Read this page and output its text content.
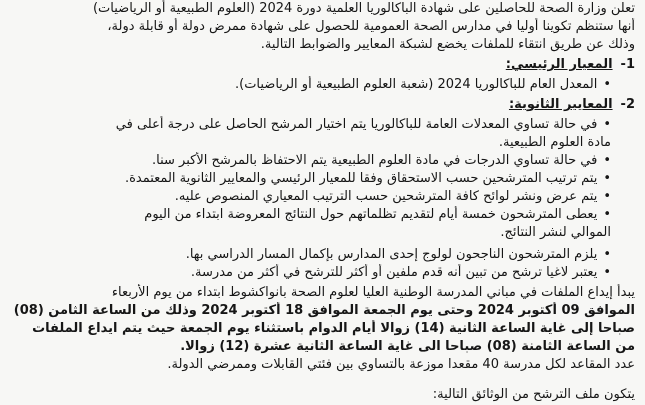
تعلن وزارة الصحة للحاصلين على شهادة الباكالوريا العلمية دورة 2024 (العلوم الطبيعية أو الرياضيات)

أنها ستنظم تكوينا أوليا في مدارس الصحة العمومية للحصول على شهادة ممرض دولة أو قابلة دولة،

وذلك عن طريق انتقاء للملفات يخضع لشبكة المعايير والضوابط التالية.

1-
المعيار الرئيسي:

•المعدل العام للباكالوريا 2024 (شعبة العلوم الطبيعية أو الرياضيات).

2-
المعايير الثانوية:

•في حالة تساوي المعدلات العامة للباكالوريا يتم اختيار المرشح الحاصل على درجة أعلى في

مادة العلوم الطبيعية.

•في حالة تساوي الدرجات في مادة العلوم الطبيعية يتم الاحتفاظ بالمرشح الأكبر سنا.

•يتم ترتيب المترشحين حسب الاستحقاق وفقا للمعيار الرئيسي والمعايير الثانوية المعتمدة.

•يتم عرض ونشر لوائح كافة المترشحين حسب الترتيب المعياري المنصوص عليه.

•يعطى المترشحون خمسة أيام لتقديم تظلماتهم حول النتائج المعروضة ابتداء من اليوم

الموالي لنشر النتائج.

•يلزم المترشحون الناجحون لولوج إحدى المدارس بإكمال المسار الدراسي بها.

•يعتبر لاغيا ترشح من تبين أنه قدم ملفين أو أكثر للترشح في أكثر من مدرسة.

يبدأ إيداع الملفات في مباني المدرسة الوطنية العليا لعلوم الصحة بانواكشوط ابتداء من يوم الأربعاء

الموافق 09 أكتوبر 2024 وحتى يوم الجمعة الموافق 18 أكتوبر 2024 وذلك من الساعة الثامن (08)

صباحا إلى غاية الساعة الثانية (14) زوالا أيام الدوام باستثناء يوم الجمعة حيث يتم ايداع الملفات

من الساعة الثامنة (08) صباحا الى غاية الساعة الثانية عشرة (12) زوالا.

عدد المقاعد لكل مدرسة 40 مقعدا موزعة بالتساوي بين فئتي القابلات وممرضي الدولة.

يتكون ملف الترشح من الوثائق التالية:
